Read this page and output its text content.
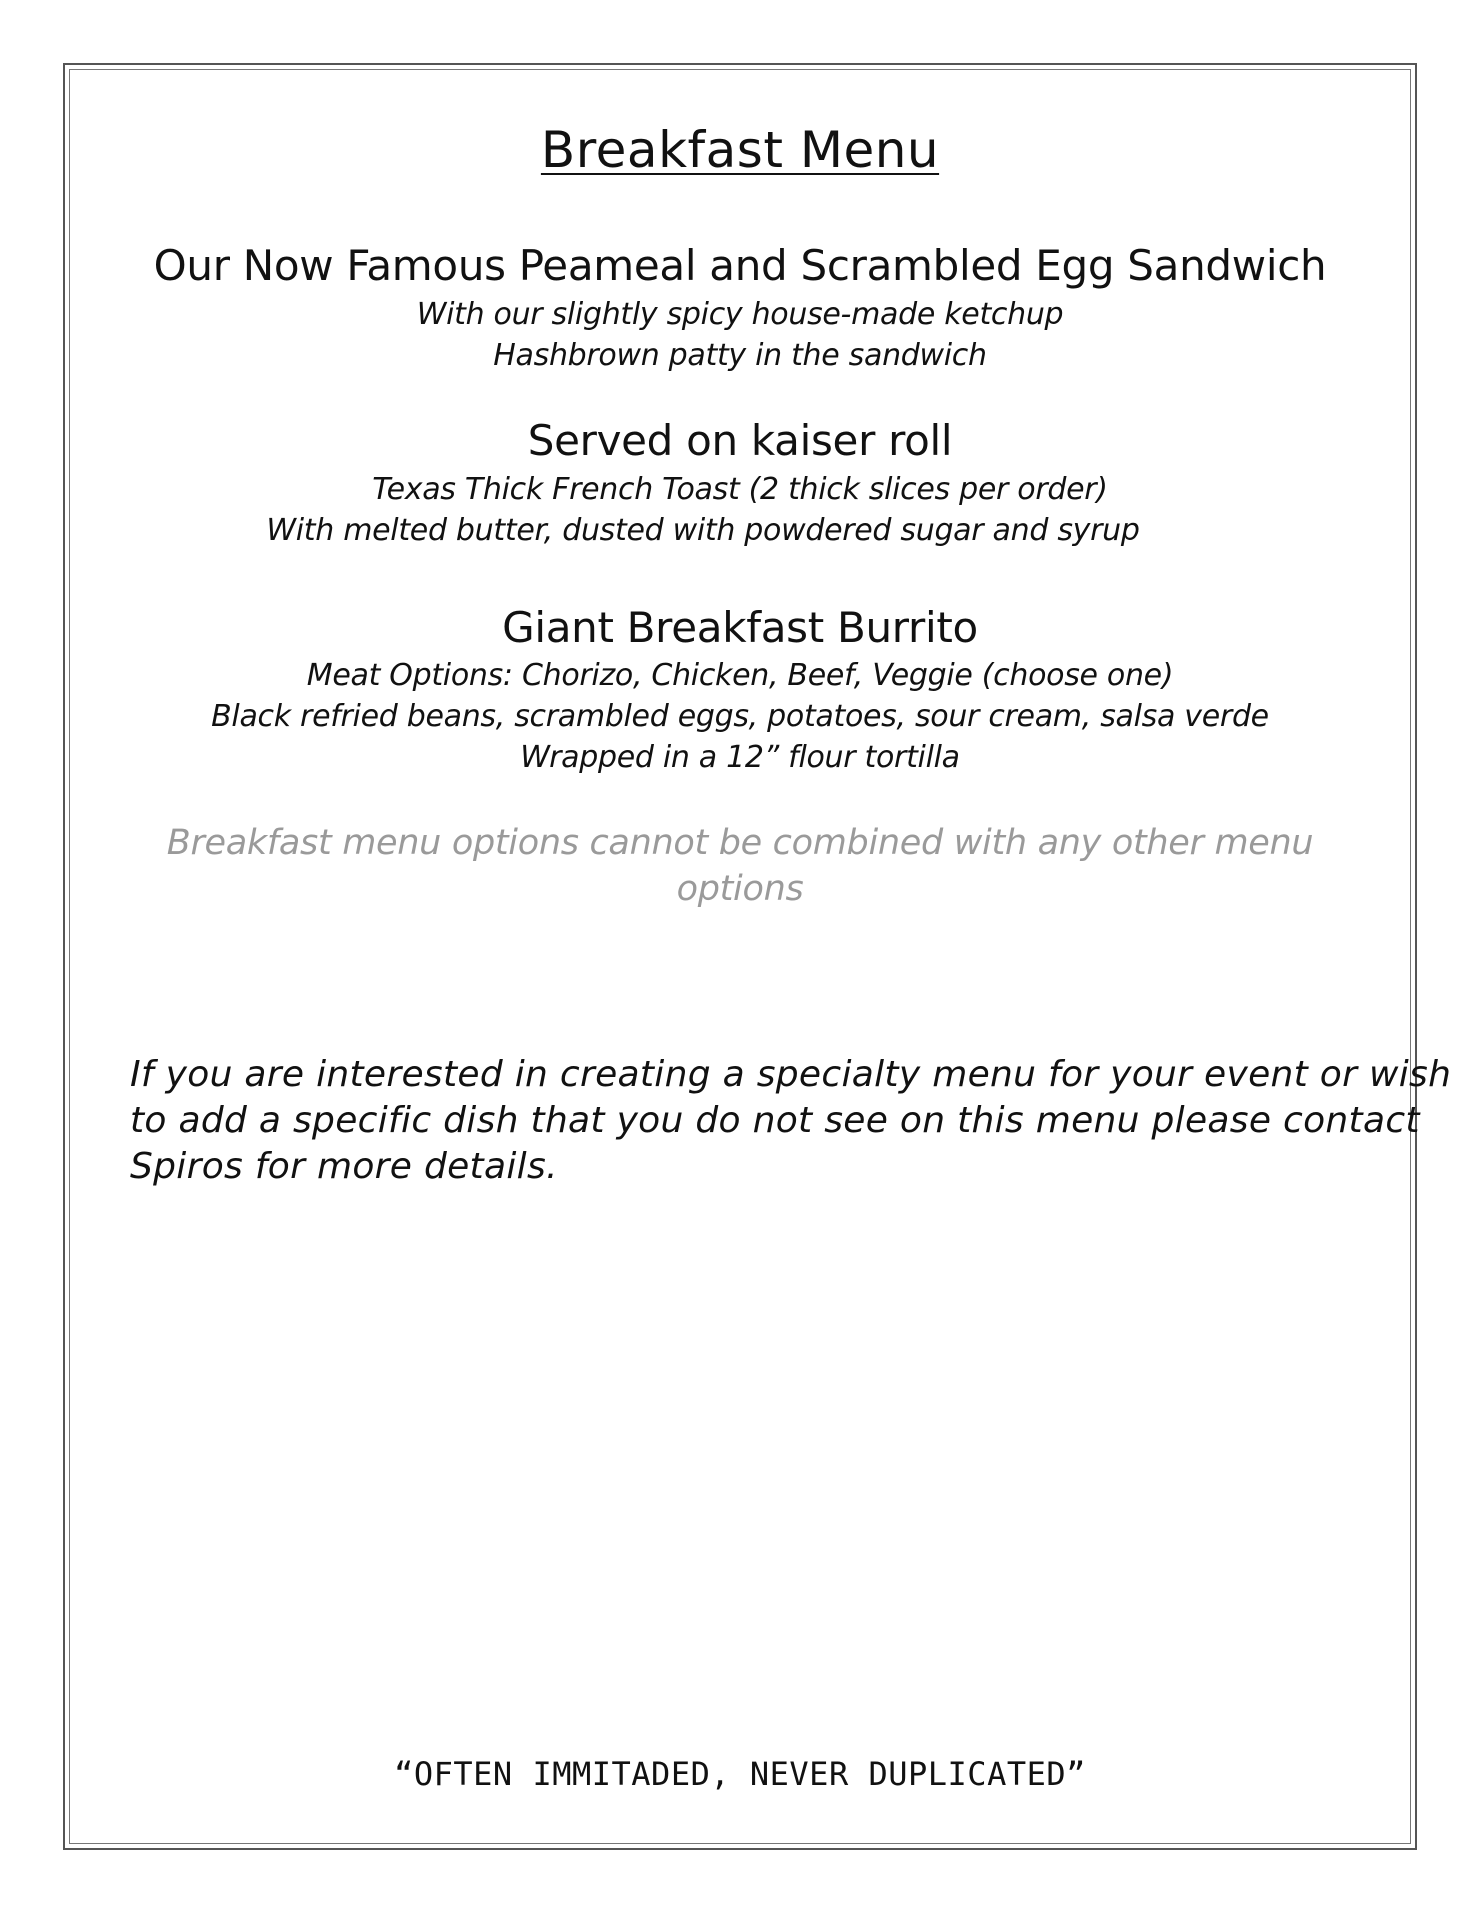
Breakfast Menu
Our Now Famous Peameal and Scrambled Egg Sandwich
With our slightly spicy house-made ketchup
Hashbrown patty in the sandwich
Served on kaiser roll
Texas Thick French Toast (2 thick slices per order)
With melted butter, dusted with powdered sugar and syrup
Giant Breakfast Burrito
Meat Options: Chorizo, Chicken, Beef, Veggie (choose one)
Black refried beans, scrambled eggs, potatoes, sour cream, salsa verde
Wrapped in a 12” flour tortilla
Breakfast menu options cannot be combined with any other menu
options
If you are interested in creating a specialty menu for your event or wish
to add a specific dish that you do not see on this menu please contact
Spiros for more details.
“OFTEN IMMITADED, NEVER DUPLICATED”
